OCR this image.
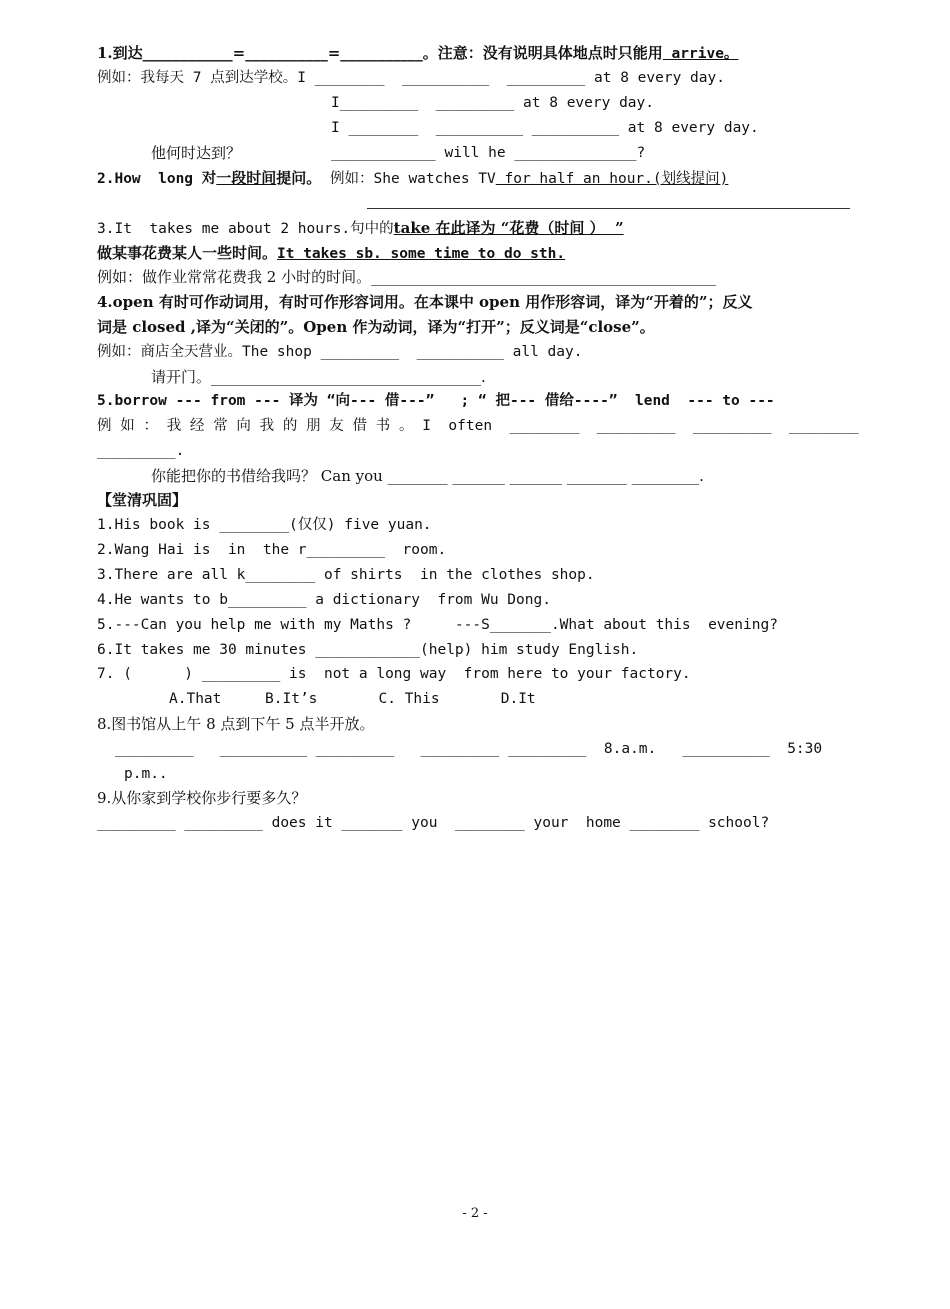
1.到达____________=___________=___________。注意：没有说明具体地点时只能用 arrive。
例如：我每天 7 点到达学校。I ________  __________  _________ at 8 every day.
I_________  _________ at 8 every day.
I ________  __________ __________ at 8 every day.
他何时达到？	____________ will he ______________?
2.How  long 对一段时间提问。 例如：She watches TV for half an hour.(划线提问)
3.It  takes me about 2 hours.句中的take 在此译为 “花费（时间 ）  ”
做某事花费某人一些时间。It takes sb. some time to do sth.
例如：做作业常常花费我 2 小时的时间。______________________________________________
4.open 有时可作动词用，有时可作形容词用。在本课中 open 用作形容词，译为“开着的”；反义
词是 closed ,译为“关闭的”。Open 作为动词，译为“打开”；反义词是“close”。
例如：商店全天营业。The shop _________  __________ all day.
请开门。____________________________________.
5.borrow --- from --- 译为 “向--- 借---”   ; “ 把--- 借给----”  lend  --- to ---
例 如 ： 我 经 常 向 我 的 朋 友 借 书 。 I  often  ________  _________  _________  ________
_________.
你能把你的书借给我吗？ Can you ________ _______ _______ ________ _________.
【堂清巩固】
1.His book is ________(仅仅) five yuan.
2.Wang Hai is  in  the r_________  room.
3.There are all k________ of shirts  in the clothes shop.
4.He wants to b_________ a dictionary  from Wu Dong.
5.---Can you help me with my Maths ?     ---S_______.What about this  evening?
6.It takes me 30 minutes ____________(help) him study English.
7. (      ) _________ is  not a long way  from here to your factory.
A.That     B.It’s       C. This       D.It
8.图书馆从上午 8 点到下午 5 点半开放。
_________   __________ _________   _________ _________  8.a.m.   __________  5:30
p.m..
9.从你家到学校你步行要多久？
_________ _________ does it _______ you  ________ your  home ________ school?
- 2 -
